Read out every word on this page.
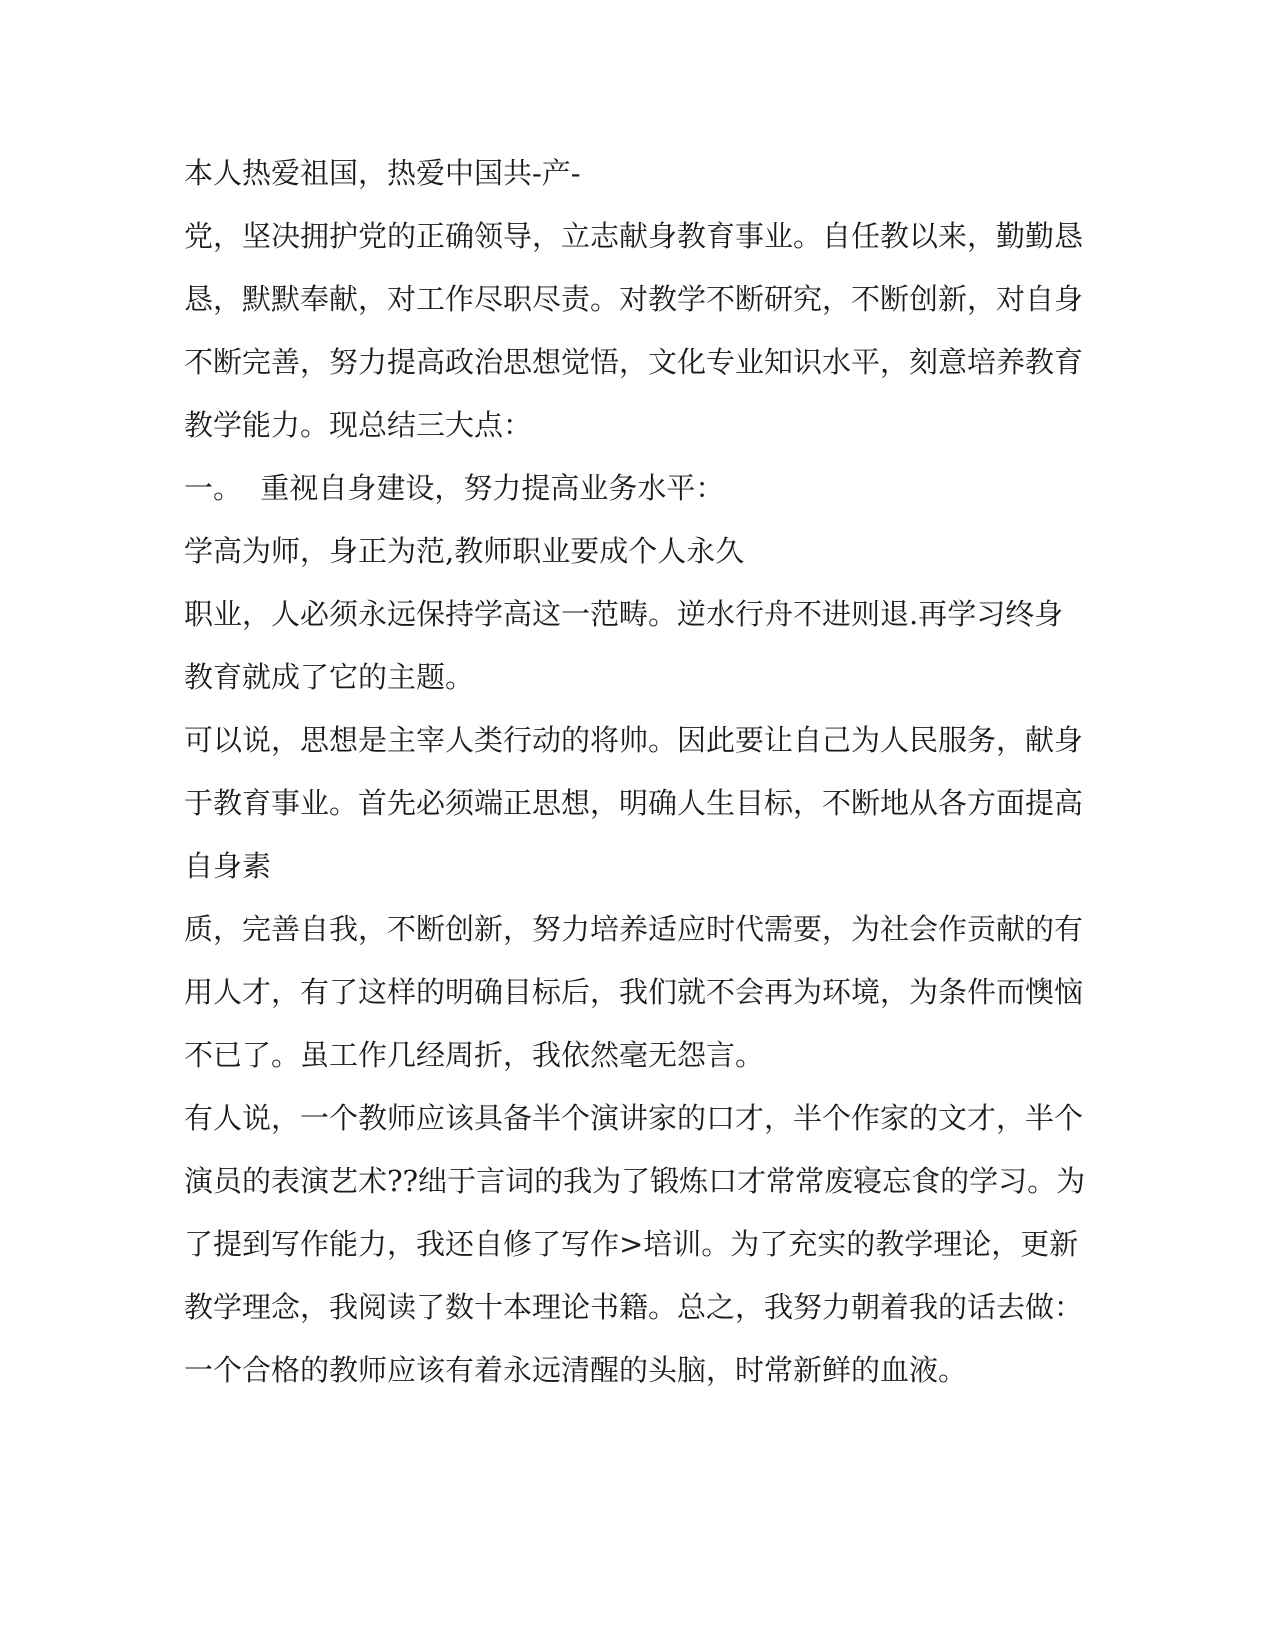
本人热爱祖国，热爱中国共-产-
党，坚决拥护党的正确领导，立志献身教育事业。自任教以来，勤勤恳
恳，默默奉献，对工作尽职尽责。对教学不断研究，不断创新，对自身
不断完善，努力提高政治思想觉悟，文化专业知识水平，刻意培养教育
教学能力。现总结三大点：
一。  重视自身建设，努力提高业务水平：
学高为师，身正为范,教师职业要成个人永久
职业，人必须永远保持学高这一范畴。逆水行舟不进则退.再学习终身
教育就成了它的主题。
可以说，思想是主宰人类行动的将帅。因此要让自己为人民服务，献身
于教育事业。首先必须端正思想，明确人生目标，不断地从各方面提高
自身素
质，完善自我，不断创新，努力培养适应时代需要，为社会作贡献的有
用人才，有了这样的明确目标后，我们就不会再为环境，为条件而懊恼
不已了。虽工作几经周折，我依然毫无怨言。
有人说，一个教师应该具备半个演讲家的口才，半个作家的文才，半个
演员的表演艺术??绌于言词的我为了锻炼口才常常废寝忘食的学习。为
了提到写作能力，我还自修了写作>培训。为了充实的教学理论，更新
教学理念，我阅读了数十本理论书籍。总之，我努力朝着我的话去做：
一个合格的教师应该有着永远清醒的头脑，时常新鲜的血液。
